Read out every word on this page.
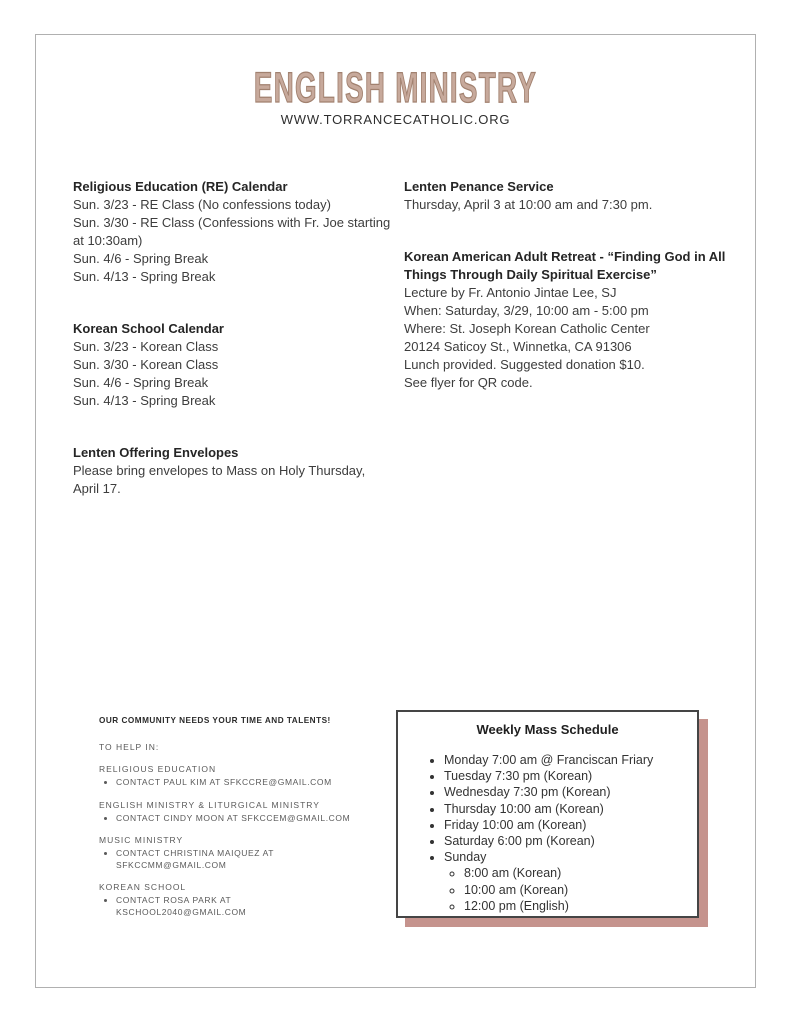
ENGLISH MINISTRY
WWW.TORRANCECATHOLIC.ORG
Religious Education (RE) Calendar
Sun. 3/23 - RE Class (No confessions today)
Sun. 3/30 - RE Class (Confessions with Fr. Joe starting at 10:30am)
Sun. 4/6 - Spring Break
Sun. 4/13 - Spring Break
Korean School Calendar
Sun. 3/23 - Korean Class
Sun. 3/30 - Korean Class
Sun. 4/6 - Spring Break
Sun. 4/13 - Spring Break
Lenten Offering Envelopes
Please bring envelopes to Mass on Holy Thursday, April 17.
Lenten Penance Service
Thursday, April 3 at 10:00 am and 7:30 pm.
Korean American Adult Retreat - “Finding God in All Things Through Daily Spiritual Exercise”
Lecture by Fr. Antonio Jintae Lee, SJ
When: Saturday, 3/29, 10:00 am - 5:00 pm
Where: St. Joseph Korean Catholic Center
20124 Saticoy St., Winnetka, CA 91306
Lunch provided. Suggested donation $10.
See flyer for QR code.
OUR COMMUNITY NEEDS YOUR TIME AND TALENTS!
TO HELP IN:
RELIGIOUS EDUCATION
• CONTACT PAUL KIM AT SFKCCRE@GMAIL.COM
ENGLISH MINISTRY & LITURGICAL MINISTRY
• CONTACT CINDY MOON AT SFKCCEM@GMAIL.COM
MUSIC MINISTRY
• CONTACT CHRISTINA MAIQUEZ AT
SFKCCMM@GMAIL.COM
KOREAN SCHOOL
• CONTACT ROSA PARK AT
KSCHOOL2040@GMAIL.COM
Weekly Mass Schedule
• Monday 7:00 am @ Franciscan Friary
• Tuesday 7:30 pm (Korean)
• Wednesday 7:30 pm (Korean)
• Thursday 10:00 am (Korean)
• Friday 10:00 am (Korean)
• Saturday 6:00 pm (Korean)
• Sunday
◦ 8:00 am (Korean)
◦ 10:00 am (Korean)
◦ 12:00 pm (English)
